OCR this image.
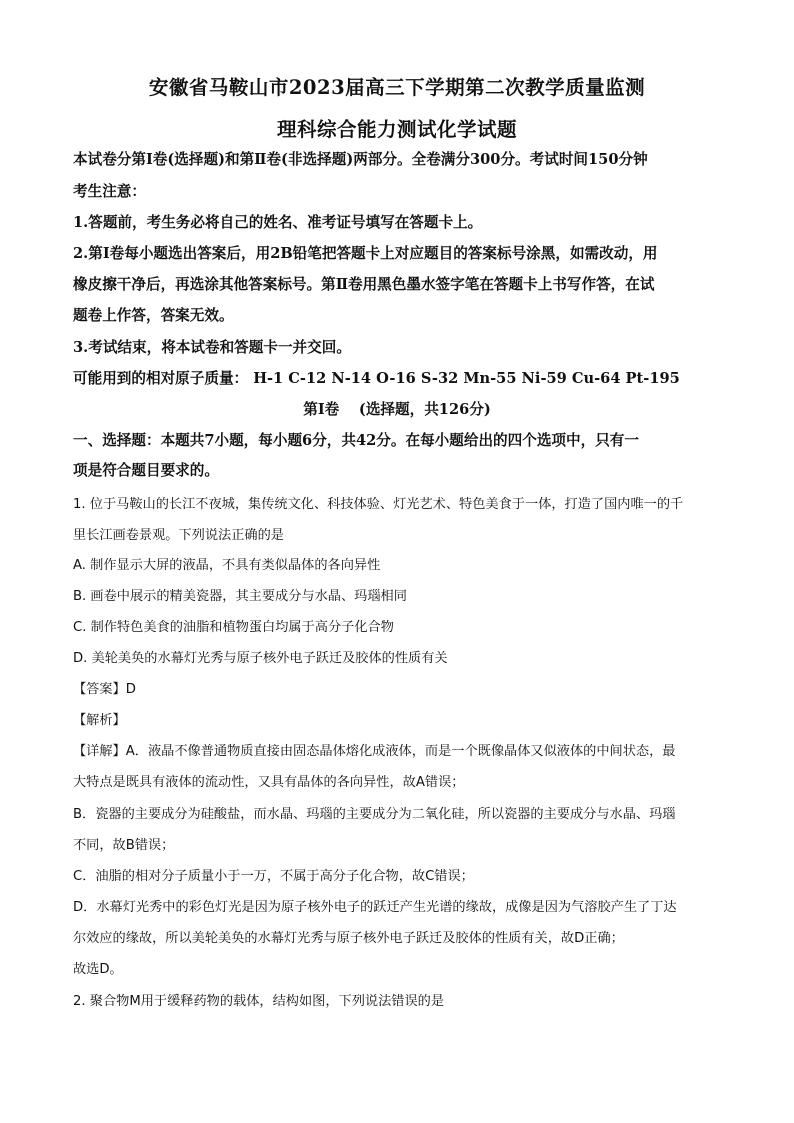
安徽省马鞍山市2023届高三下学期第二次教学质量监测
理科综合能力测试化学试题
本试卷分第Ⅰ卷(选择题)和第Ⅱ卷(非选择题)两部分。全卷满分300分。考试时间150分钟
考生注意：
1.答题前，考生务必将自己的姓名、准考证号填写在答题卡上。
2.第Ⅰ卷每小题选出答案后，用2B铅笔把答题卡上对应题目的答案标号涂黑，如需改动，用
橡皮擦干净后，再选涂其他答案标号。第Ⅱ卷用黑色墨水签字笔在答题卡上书写作答，在试
题卷上作答，答案无效。
3.考试结束，将本试卷和答题卡一并交回。
可能用到的相对原子质量： H-1 C-12 N-14 O-16 S-32 Mn-55 Ni-59 Cu-64 Pt-195
第Ⅰ卷　 (选择题，共126分)
一、选择题：本题共7小题，每小题6分，共42分。在每小题给出的四个选项中，只有一
项是符合题目要求的。
1. 位于马鞍山的长江不夜城，集传统文化、科技体验、灯光艺术、特色美食于一体，打造了国内唯一的千
里长江画卷景观。下列说法正确的是
A. 制作显示大屏的液晶，不具有类似晶体的各向异性
B. 画卷中展示的精美瓷器，其主要成分与水晶、玛瑙相同
C. 制作特色美食的油脂和植物蛋白均属于高分子化合物
D. 美轮美奂的水幕灯光秀与原子核外电子跃迁及胶体的性质有关
【答案】D
【解析】
【详解】A．液晶不像普通物质直接由固态晶体熔化成液体，而是一个既像晶体又似液体的中间状态，最
大特点是既具有液体的流动性，又具有晶体的各向异性，故A错误；
B．瓷器的主要成分为硅酸盐，而水晶、玛瑙的主要成分为二氧化硅，所以瓷器的主要成分与水晶、玛瑙
不同，故B错误；
C．油脂的相对分子质量小于一万，不属于高分子化合物，故C错误；
D．水幕灯光秀中的彩色灯光是因为原子核外电子的跃迁产生光谱的缘故，成像是因为气溶胶产生了丁达
尔效应的缘故，所以美轮美奂的水幕灯光秀与原子核外电子跃迁及胶体的性质有关，故D正确；
故选D。
2. 聚合物M用于缓释药物的载体，结构如图，下列说法错误的是
